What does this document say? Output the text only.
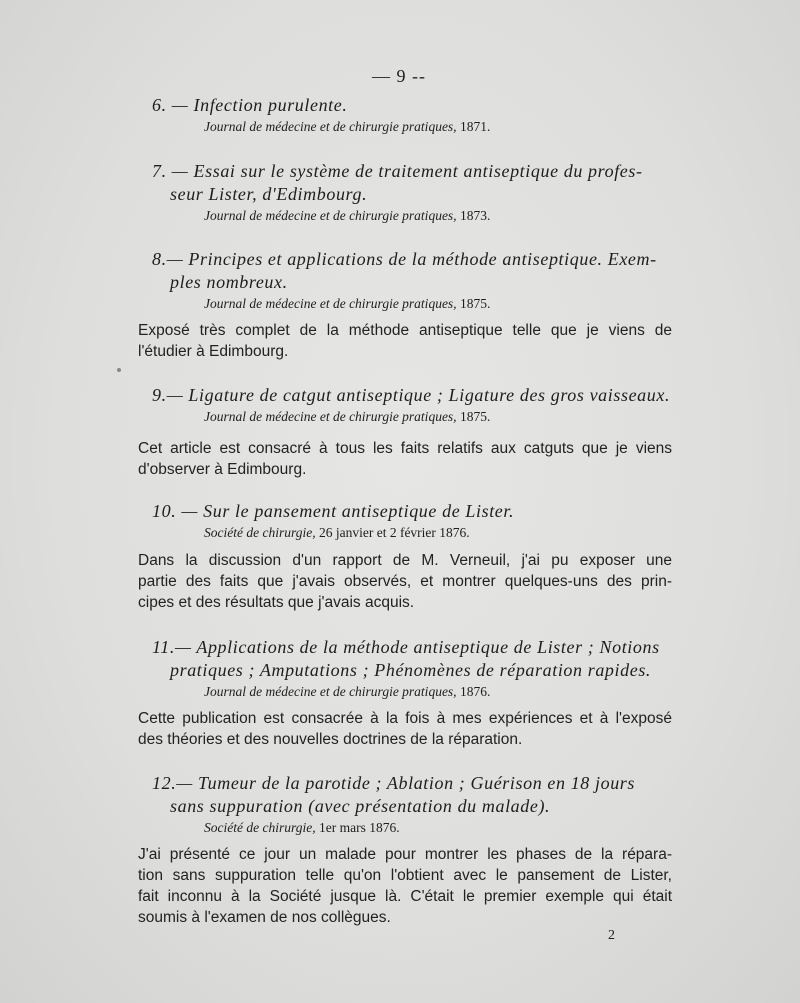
— 9 --

6. — Infection purulente.

Journal de médecine et de chirurgie pratiques, 1871.

7. — Essai sur le système de traitement antiseptique du profes-
seur Lister, d'Edimbourg.

Journal de médecine et de chirurgie pratiques, 1873.

8.— Principes et applications de la méthode antiseptique. Exem-
ples nombreux.

Journal de médecine et de chirurgie pratiques, 1875.

Exposé très complet de la méthode antiseptique telle que je viens de
l'étudier à Edimbourg.

9.— Ligature de catgut antiseptique ; Ligature des gros vaisseaux.

Journal de médecine et de chirurgie pratiques, 1875.

Cet article est consacré à tous les faits relatifs aux catguts que je viens
d'observer à Edimbourg.

10. — Sur le pansement antiseptique de Lister.

Société de chirurgie, 26 janvier et 2 février 1876.

Dans la discussion d'un rapport de M. Verneuil, j'ai pu exposer une
partie des faits que j'avais observés, et montrer quelques-uns des prin-
cipes et des résultats que j'avais acquis.

11.— Applications de la méthode antiseptique de Lister ; Notions
pratiques ; Amputations ; Phénomènes de réparation rapides.

Journal de médecine et de chirurgie pratiques, 1876.

Cette publication est consacrée à la fois à mes expériences et à l'exposé
des théories et des nouvelles doctrines de la réparation.

12.— Tumeur de la parotide ; Ablation ; Guérison en 18 jours
sans suppuration (avec présentation du malade).

Société de chirurgie, 1er mars 1876.

J'ai présenté ce jour un malade pour montrer les phases de la répara-
tion sans suppuration telle qu'on l'obtient avec le pansement de Lister,
fait inconnu à la Société jusque là. C'était le premier exemple qui était
soumis à l'examen de nos collègues.

2
